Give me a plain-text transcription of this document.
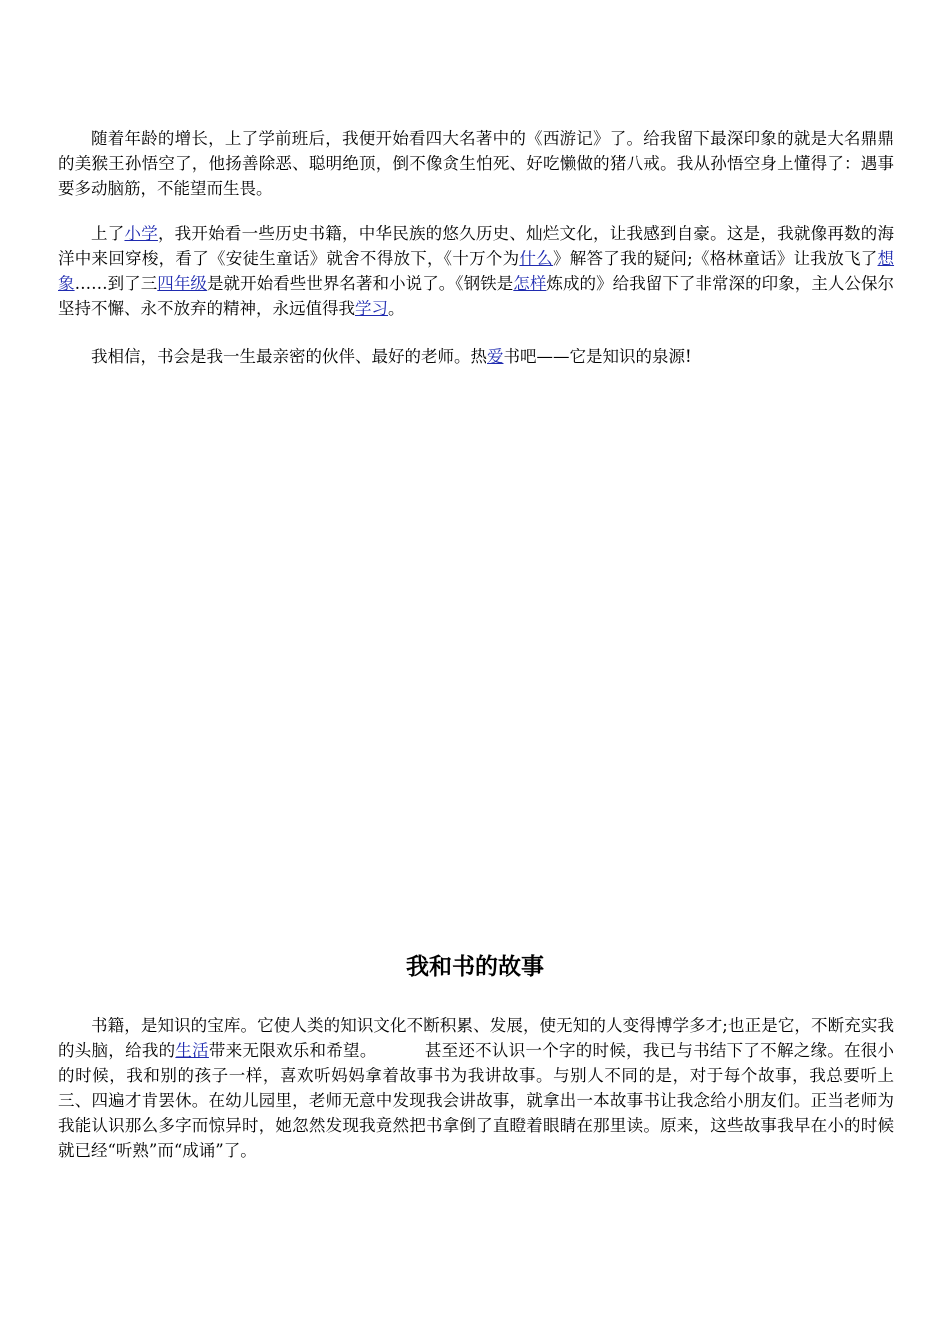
随着年龄的增长，上了学前班后，我便开始看四大名著中的《西游记》了。给我留下最深印象的就是大名鼎鼎的美猴王孙悟空了，他扬善除恶、聪明绝顶，倒不像贪生怕死、好吃懒做的猪八戒。我从孙悟空身上懂得了：遇事要多动脑筋，不能望而生畏。

上了小学，我开始看一些历史书籍，中华民族的悠久历史、灿烂文化，让我感到自豪。这是，我就像再数的海洋中来回穿梭，看了《安徒生童话》就舍不得放下，《十万个为什么》解答了我的疑问;《格林童话》让我放飞了想象……到了三四年级是就开始看些世界名著和小说了。《钢铁是怎样炼成的》给我留下了非常深的印象，主人公保尔坚持不懈、永不放弃的精神，永远值得我学习。

我相信，书会是我一生最亲密的伙伴、最好的老师。热爱书吧——它是知识的泉源!

我和书的故事

书籍，是知识的宝库。它使人类的知识文化不断积累、发展，使无知的人变得博学多才;也正是它，不断充实我的头脑，给我的生活带来无限欢乐和希望。	甚至还不认识一个字的时候，我已与书结下了不解之缘。在很小的时候，我和别的孩子一样，喜欢听妈妈拿着故事书为我讲故事。与别人不同的是，对于每个故事，我总要听上三、四遍才肯罢休。在幼儿园里，老师无意中发现我会讲故事，就拿出一本故事书让我念给小朋友们。正当老师为我能认识那么多字而惊异时，她忽然发现我竟然把书拿倒了直瞪着眼睛在那里读。原来，这些故事我早在小的时候就已经“听熟”而“成诵”了。
